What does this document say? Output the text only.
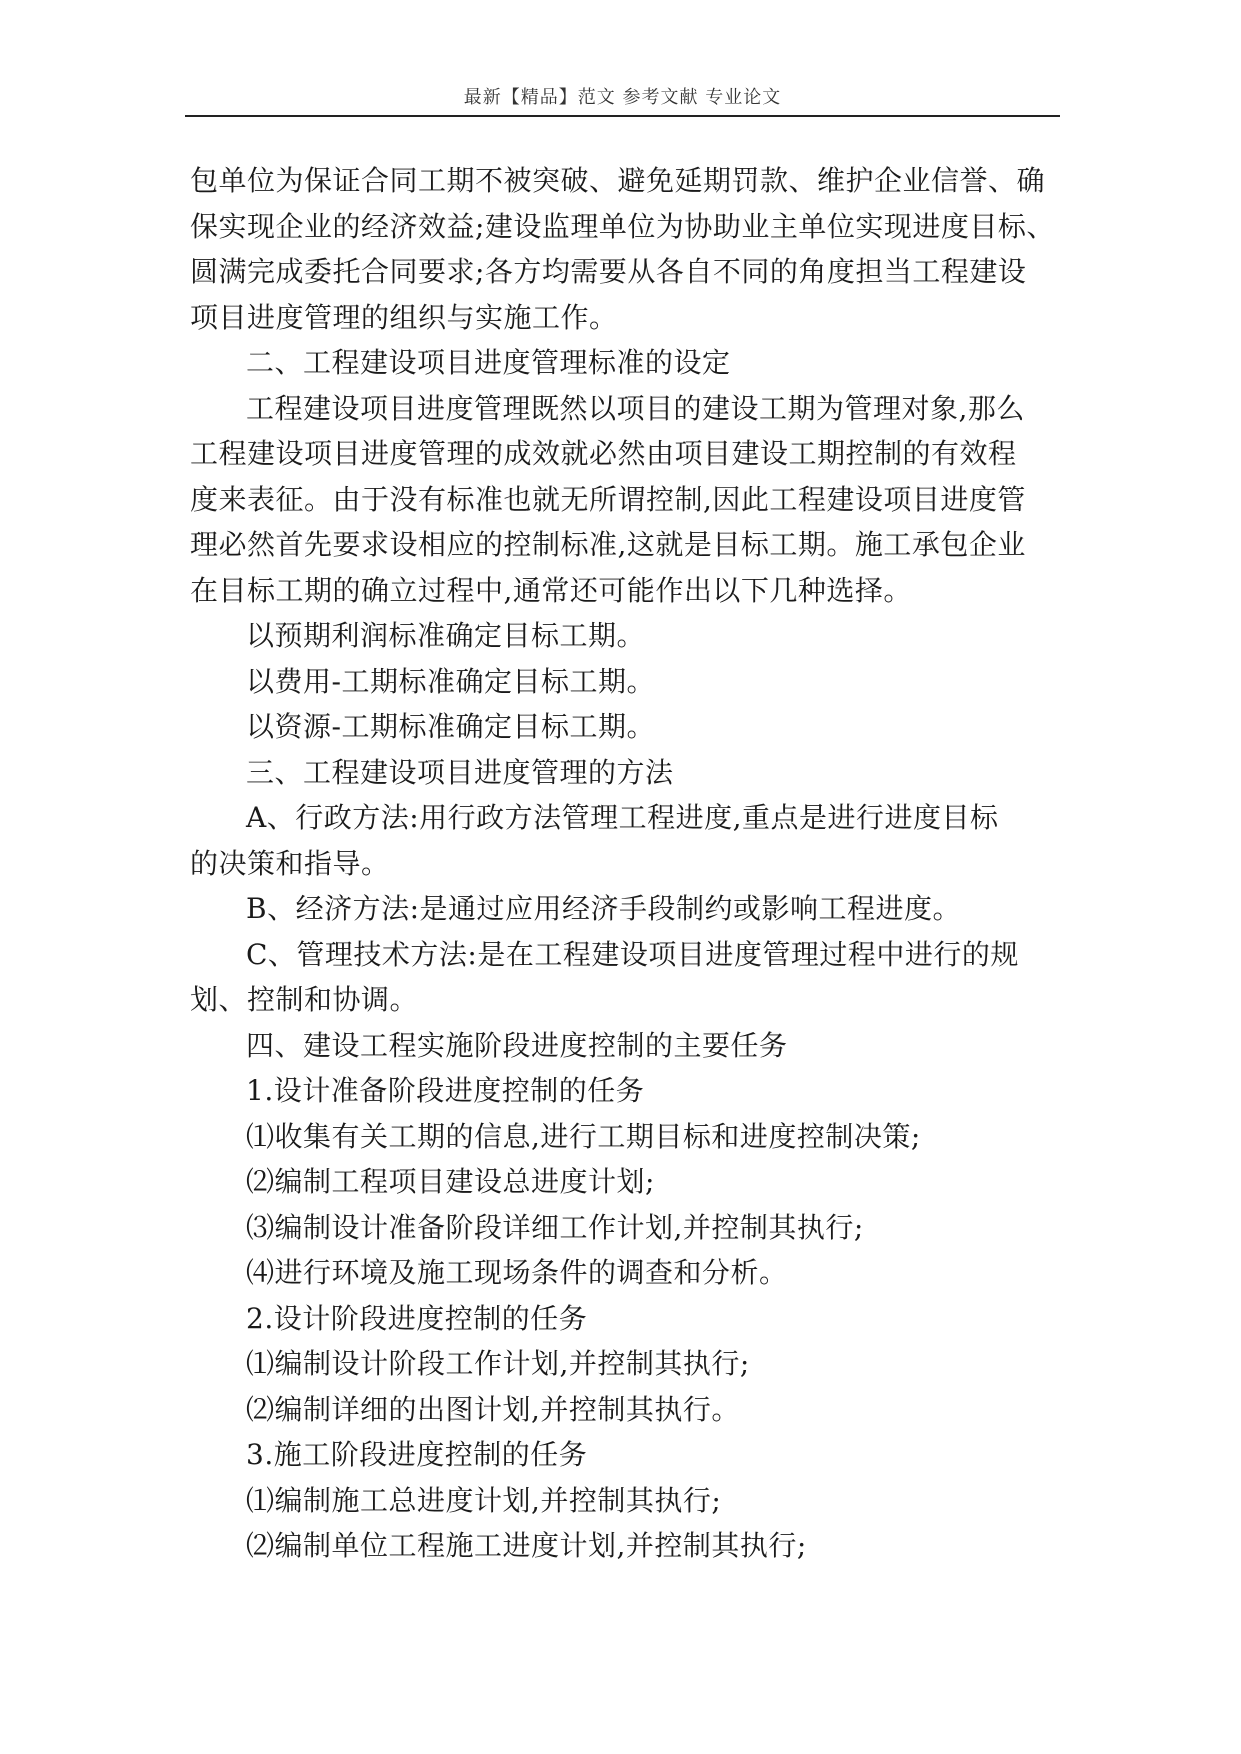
最新【精品】范文 参考文献 专业论文
包单位为保证合同工期不被突破、避免延期罚款、维护企业信誉、确
保实现企业的经济效益;建设监理单位为协助业主单位实现进度目标、
圆满完成委托合同要求;各方均需要从各自不同的角度担当工程建设
项目进度管理的组织与实施工作。
二、工程建设项目进度管理标准的设定
工程建设项目进度管理既然以项目的建设工期为管理对象,那么
工程建设项目进度管理的成效就必然由项目建设工期控制的有效程
度来表征。由于没有标准也就无所谓控制,因此工程建设项目进度管
理必然首先要求设相应的控制标准,这就是目标工期。施工承包企业
在目标工期的确立过程中,通常还可能作出以下几种选择。
以预期利润标准确定目标工期。
以费用-工期标准确定目标工期。
以资源-工期标准确定目标工期。
三、工程建设项目进度管理的方法
A、行政方法:用行政方法管理工程进度,重点是进行进度目标
的决策和指导。
B、经济方法:是通过应用经济手段制约或影响工程进度。
C、管理技术方法:是在工程建设项目进度管理过程中进行的规
划、控制和协调。
四、建设工程实施阶段进度控制的主要任务
1.设计准备阶段进度控制的任务
⑴收集有关工期的信息,进行工期目标和进度控制决策;
⑵编制工程项目建设总进度计划;
⑶编制设计准备阶段详细工作计划,并控制其执行;
⑷进行环境及施工现场条件的调查和分析。
2.设计阶段进度控制的任务
⑴编制设计阶段工作计划,并控制其执行;
⑵编制详细的出图计划,并控制其执行。
3.施工阶段进度控制的任务
⑴编制施工总进度计划,并控制其执行;
⑵编制单位工程施工进度计划,并控制其执行;
